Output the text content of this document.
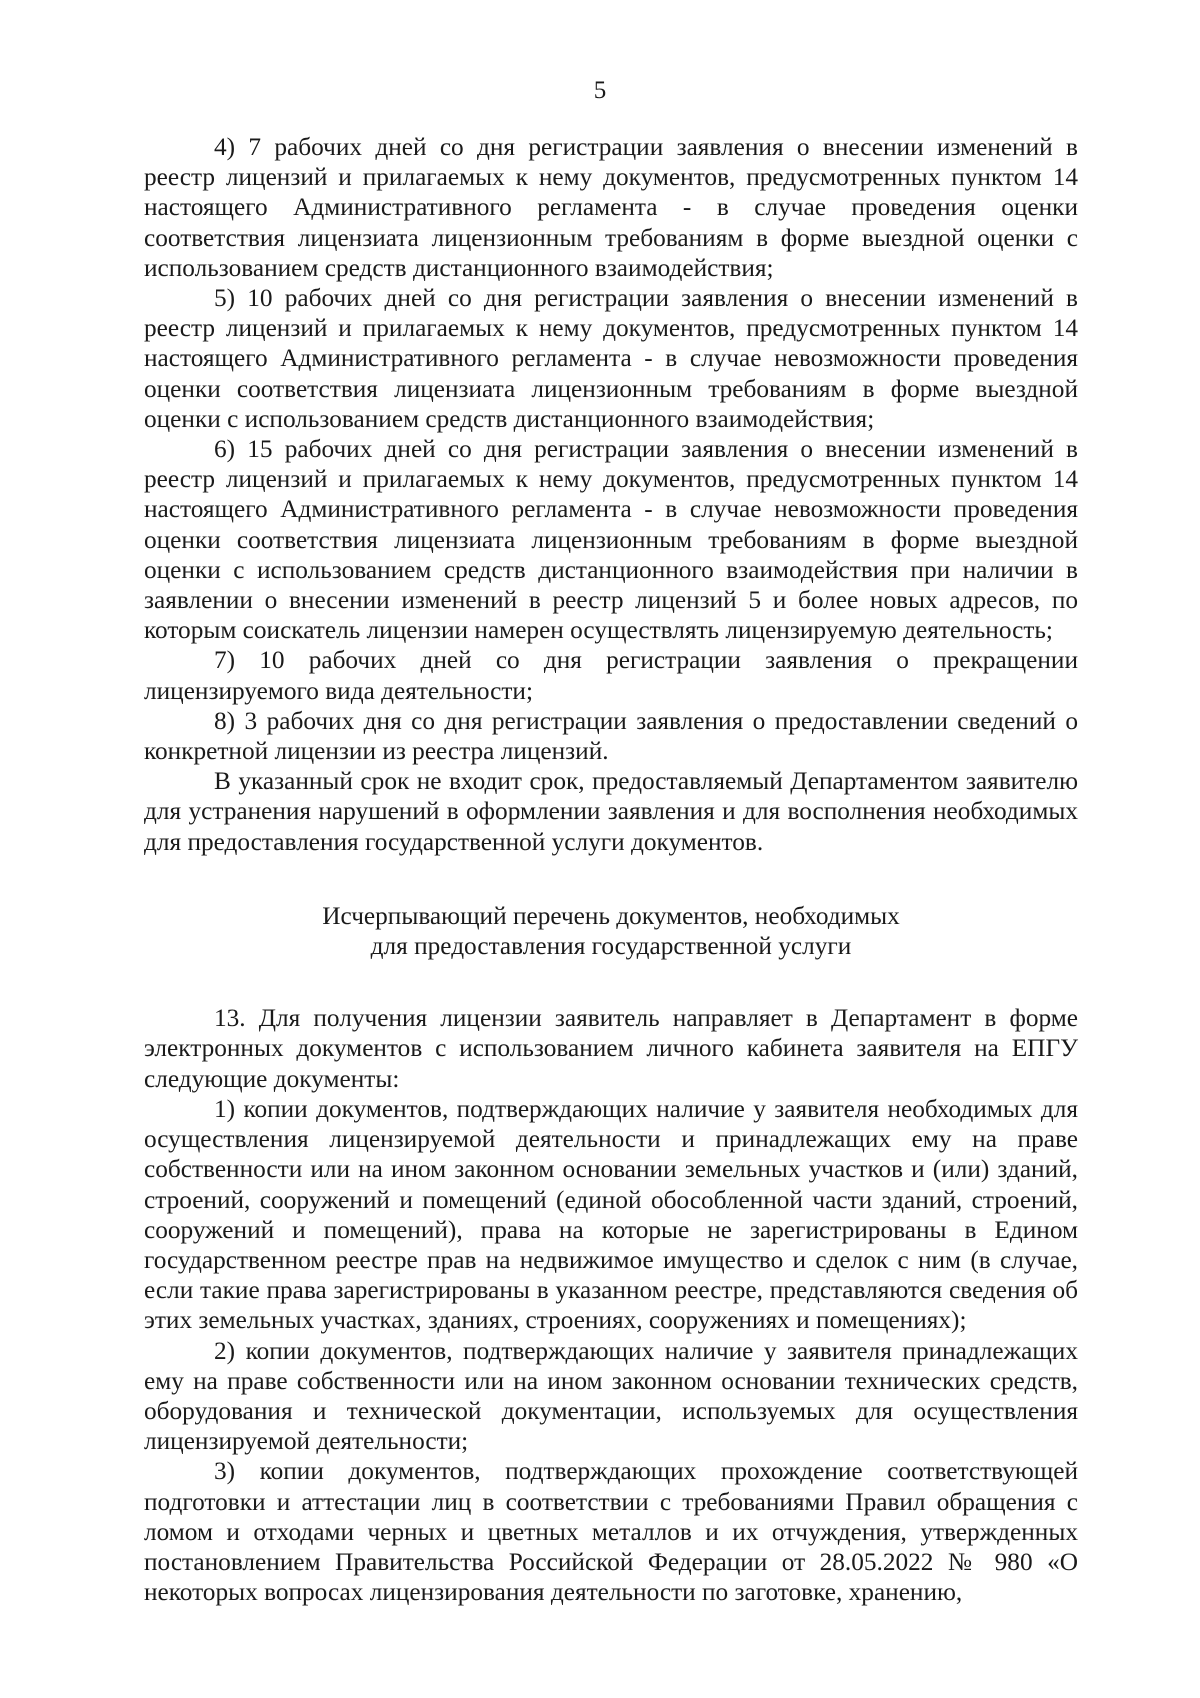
5

4) 7 рабочих дней со дня регистрации заявления о внесении изменений в реестр лицензий и прилагаемых к нему документов, предусмотренных пунктом 14 настоящего Административного регламента - в случае проведения оценки соответствия лицензиата лицензионным требованиям в форме выездной оценки с использованием средств дистанционного взаимодействия;

5) 10 рабочих дней со дня регистрации заявления о внесении изменений в реестр лицензий и прилагаемых к нему документов, предусмотренных пунктом 14 настоящего Административного регламента - в случае невозможности проведения оценки соответствия лицензиата лицензионным требованиям в форме выездной оценки с использованием средств дистанционного взаимодействия;

6) 15 рабочих дней со дня регистрации заявления о внесении изменений в реестр лицензий и прилагаемых к нему документов, предусмотренных пунктом 14 настоящего Административного регламента - в случае невозможности проведения оценки соответствия лицензиата лицензионным требованиям в форме выездной оценки с использованием средств дистанционного взаимодействия при наличии в заявлении о внесении изменений в реестр лицензий 5 и более новых адресов, по которым соискатель лицензии намерен осуществлять лицензируемую деятельность;

7) 10 рабочих дней со дня регистрации заявления о прекращении лицензируемого вида деятельности;

8) 3 рабочих дня со дня регистрации заявления о предоставлении сведений о конкретной лицензии из реестра лицензий.

В указанный срок не входит срок, предоставляемый Департаментом заявителю для устранения нарушений в оформлении заявления и для восполнения необходимых для предоставления государственной услуги документов.

Исчерпывающий перечень документов, необходимых
для предоставления государственной услуги

13. Для получения лицензии заявитель направляет в Департамент в форме электронных документов с использованием личного кабинета заявителя на ЕПГУ следующие документы:

1) копии документов, подтверждающих наличие у заявителя необходимых для осуществления лицензируемой деятельности и принадлежащих ему на праве собственности или на ином законном основании земельных участков и (или) зданий, строений, сооружений и помещений (единой обособленной части зданий, строений, сооружений и помещений), права на которые не зарегистрированы в Едином государственном реестре прав на недвижимое имущество и сделок с ним (в случае, если такие права зарегистрированы в указанном реестре, представляются сведения об этих земельных участках, зданиях, строениях, сооружениях и помещениях);

2) копии документов, подтверждающих наличие у заявителя принадлежащих ему на праве собственности или на ином законном основании технических средств, оборудования и технической документации, используемых для осуществления лицензируемой деятельности;

3) копии документов, подтверждающих прохождение соответствующей подготовки и аттестации лиц в соответствии с требованиями Правил обращения с ломом и отходами черных и цветных металлов и их отчуждения, утвержденных постановлением Правительства Российской Федерации от 28.05.2022 № 980 «О некоторых вопросах лицензирования деятельности по заготовке, хранению,
